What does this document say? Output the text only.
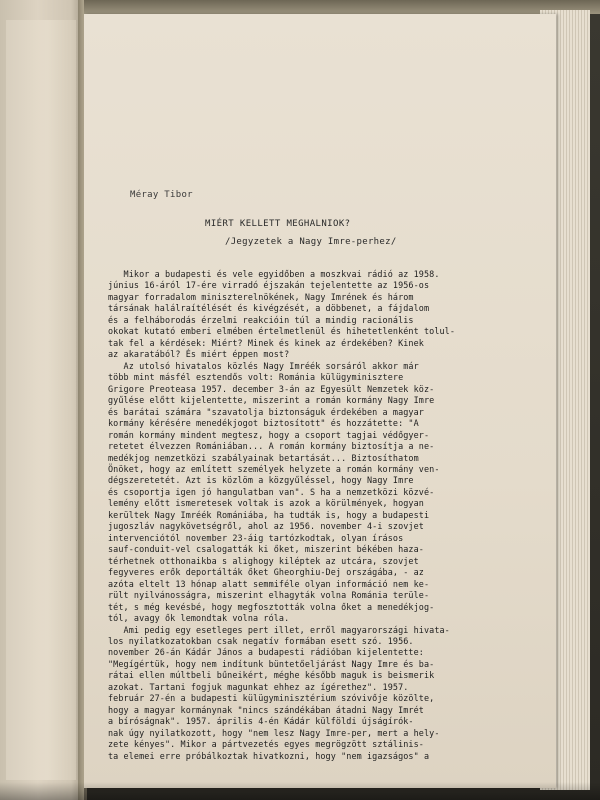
Méray Tibor
MIÉRT KELLETT MEGHALNIOK?
/Jegyzetek a Nagy Imre-perhez/
Mikor a budapesti és vele egyidőben a moszkvai rádió az 1958.
június 16-áról 17-ére virradó éjszakán tejelentette az 1956-os
magyar forradalom miniszterelnökének, Nagy Imrének és három
társának halálraítélését és kivégzését, a döbbenet, a fájdalom
és a felháborodás érzelmi reakcióin túl a mindig racionális
okokat kutató emberi elmében értelmetlenül és hihetetlenként tolul-
tak fel a kérdések: Miért? Minek és kinek az érdekében? Kinek
az akaratából? És miért éppen most?
Az utolsó hivatalos közlés Nagy Imréék sorsáról akkor már
több mint másfél esztendős volt: Románia külügyminisztere
Grigore Preoteasa 1957. december 3-án az Egyesült Nemzetek köz-
gyűlése előtt kijelentette, miszerint a román kormány Nagy Imre
és barátai számára "szavatolja biztonságuk érdekében a magyar
kormány kérésére menedékjogot biztosított" és hozzátette: "A
román kormány mindent megtesz, hogy a csoport tagjai védőgyer-
retetet élvezzen Romániában... A román kormány biztosítja a ne-
medékjog nemzetközi szabályainak betartását... Biztosíthatom
Önöket, hogy az említett személyek helyzete a román kormány ven-
dégszeretetét. Azt is közlöm a közgyűléssel, hogy Nagy Imre
és csoportja igen jó hangulatban van". S ha a nemzetközi közvé-
lemény előtt ismeretesek voltak is azok a körülmények, hogyan
kerültek Nagy Imréék Romániába, ha tudták is, hogy a budapesti
jugoszláv nagykövetségről, ahol az 1956. november 4-i szovjet
intervenciótól november 23-áig tartózkodtak, olyan írásos
sauf-conduit-vel csalogatták ki őket, miszerint békében haza-
térhetnek otthonaikba s alighogy kiléptek az utcára, szovjet
fegyveres erők deportálták őket Gheorghiu-Dej országába, - az
azóta eltelt 13 hónap alatt semmiféle olyan információ nem ke-
rült nyilvánosságra, miszerint elhagyták volna Románia terüle-
tét, s még kevésbé, hogy megfosztották volna őket a menedékjog-
tól, avagy ők lemondtak volna róla.
Ami pedig egy esetleges pert illet, erről magyarországi hivata-
los nyilatkozatokban csak negatív formában esett szó. 1956.
november 26-án Kádár János a budapesti rádióban kijelentette:
"Megígértük, hogy nem indítunk büntetőeljárást Nagy Imre és ba-
rátai ellen múltbeli bűneikért, méghe később maguk is beismerik
azokat. Tartani fogjuk magunkat ehhez az ígérethez". 1957.
február 27-én a budapesti külügyminisztérium szóvivője közölte,
hogy a magyar kormánynak "nincs szándékában átadni Nagy Imrét
a bíróságnak". 1957. április 4-én Kádár külföldi újságírók-
nak úgy nyilatkozott, hogy "nem lesz Nagy Imre-per, mert a hely-
zete kényes". Mikor a pártvezetés egyes megrögzött sztálinis-
ta elemei erre próbálkoztak hivatkozni, hogy "nem igazságos" a
